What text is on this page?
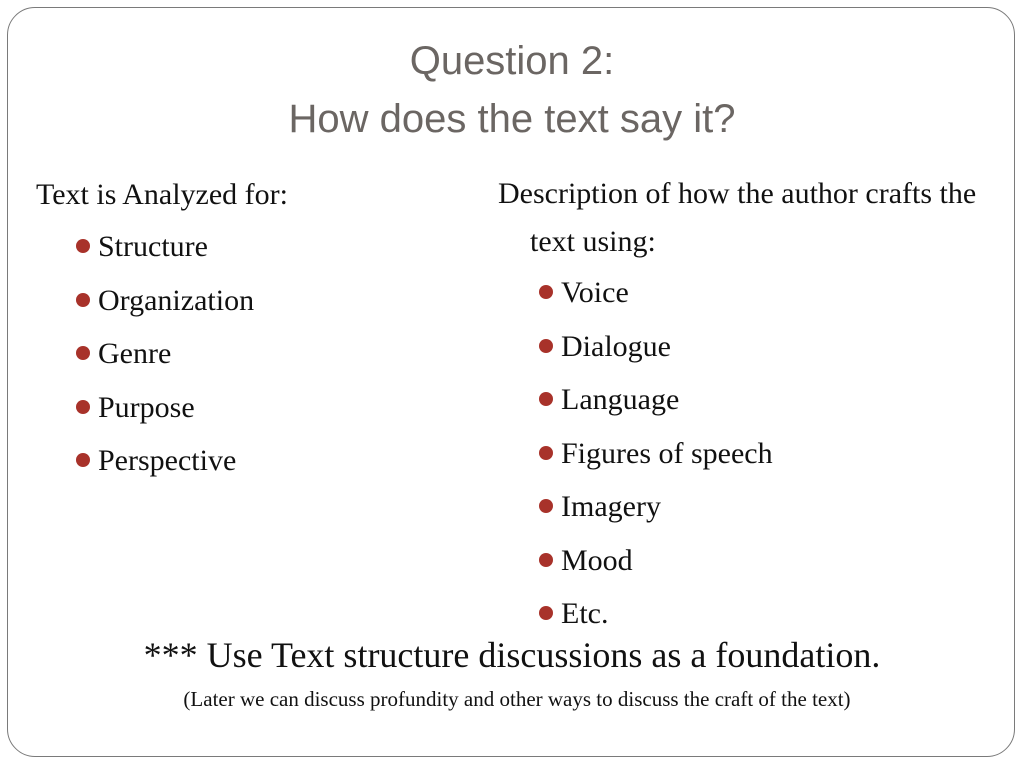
Question 2:
How does the text say it?

Text is Analyzed for:

Structure
Organization
Genre
Purpose
Perspective

Description of how the author crafts the text using:

Voice
Dialogue
Language
Figures of speech
Imagery
Mood
Etc.
*** Use Text structure discussions as a foundation.
(Later we can discuss profundity and other ways to discuss the craft of the text)
